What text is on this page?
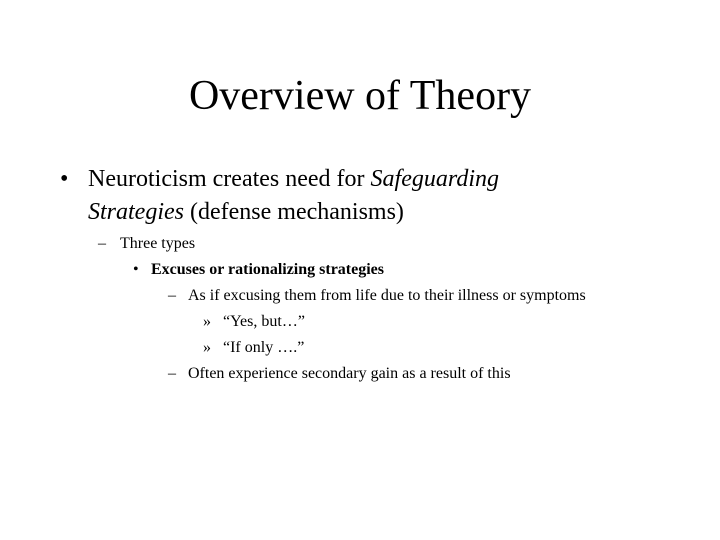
Overview of Theory
• Neuroticism creates need for Safeguarding
Strategies (defense mechanisms)
– Three types
• Excuses or rationalizing strategies
– As if excusing them from life due to their illness or symptoms
» “Yes, but…”
» “If only ….”
– Often experience secondary gain as a result of this
